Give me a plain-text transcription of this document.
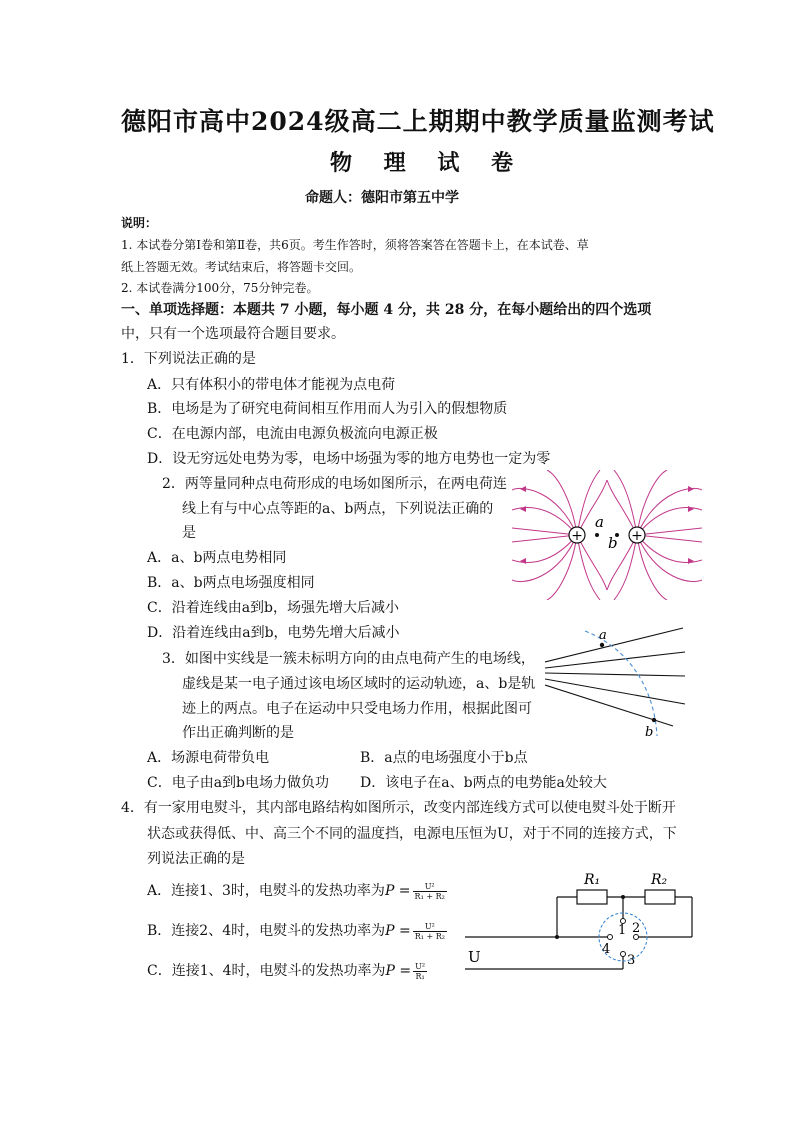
德阳市高中2024级高二上期期中教学质量监测考试
物 理 试 卷
命题人：德阳市第五中学
说明：
1. 本试卷分第Ⅰ卷和第Ⅱ卷，共6页。考生作答时，须将答案答在答题卡上，在本试卷、草
纸上答题无效。考试结束后，将答题卡交回。
2. 本试卷满分100分，75分钟完卷。
一、单项选择题：本题共 7 小题，每小题 4 分，共 28 分，在每小题给出的四个选项
中，只有一个选项最符合题目要求。
1．下列说法正确的是
A．只有体积小的带电体才能视为点电荷
B．电场是为了研究电荷间相互作用而人为引入的假想物质
C．在电源内部，电流由电源负极流向电源正极
D．设无穷远处电势为零，电场中场强为零的地方电势也一定为零
2．两等量同种点电荷形成的电场如图所示，在两电荷连
线上有与中心点等距的a、b两点，下列说法正确的
是
A．a、b两点电势相同
B．a、b两点电场强度相同
C．沿着连线由a到b，场强先增大后减小
D．沿着连线由a到b，电势先增大后减小
+	+
a
b
3．如图中实线是一簇未标明方向的由点电荷产生的电场线，
虚线是某一电子通过该电场区域时的运动轨迹，a、b是轨
迹上的两点。电子在运动中只受电场力作用，根据此图可
作出正确判断的是
A．场源电荷带负电	B．a点的电场强度小于b点
C．电子由a到b电场力做负功 D．该电子在a、b两点的电势能a处较大
a
b
4．有一家用电熨斗，其内部电路结构如图所示，改变内部连线方式可以使电熨斗处于断开
状态或获得低、中、高三个不同的温度挡，电源电压恒为U，对于不同的连接方式，下
列说法正确的是
A．连接1、3时，电熨斗的发热功率为$P = \frac{\text{U²}}{\text{R₁ + R₂}}$
B．连接2、4时，电熨斗的发热功率为$P = \frac{\text{U²}}{\text{R₁ + R₂}}$
C．连接1、4时，电熨斗的发热功率为$P = \frac{\text{U²}}{\text{R₁}}$
R₁	R₂
U
1 2
3
4
